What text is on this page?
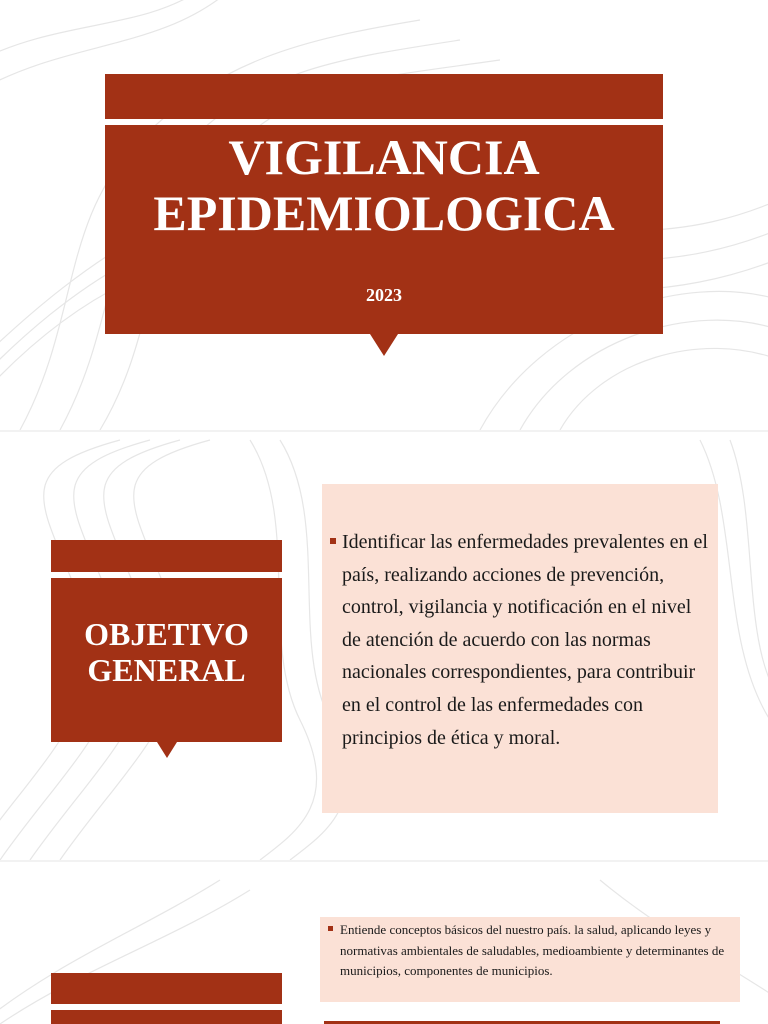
VIGILANCIA
EPIDEMIOLOGICA
2023
OBJETIVO
GENERAL
Identificar las enfermedades prevalentes en el país, realizando acciones de prevención, control, vigilancia y notificación en el nivel de atención de acuerdo con las normas nacionales correspondientes, para contribuir en el control de las enfermedades con principios de ética y moral.
Entiende conceptos básicos del nuestro país. la salud, aplicando leyes y normativas ambientales de saludables, medioambiente y determinantes de municipios, componentes de municipios.
